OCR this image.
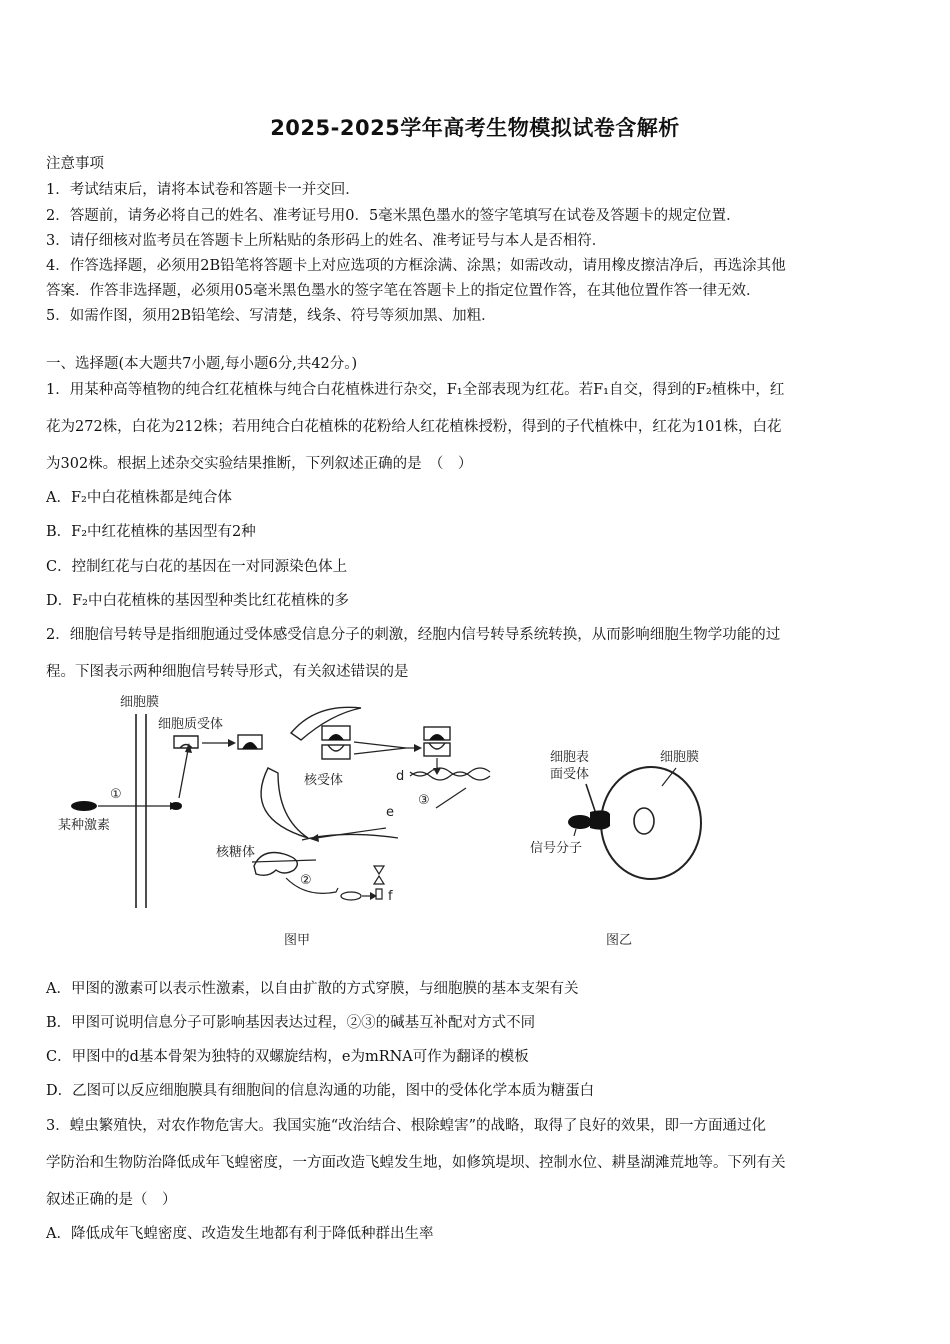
2025-2025学年高考生物模拟试卷含解析
注意事项
1．考试结束后，请将本试卷和答题卡一并交回．
2．答题前，请务必将自己的姓名、准考证号用0．5毫米黑色墨水的签字笔填写在试卷及答题卡的规定位置．
3．请仔细核对监考员在答题卡上所粘贴的条形码上的姓名、准考证号与本人是否相符．
4．作答选择题，必须用2B铅笔将答题卡上对应选项的方框涂满、涂黑；如需改动，请用橡皮擦洁净后，再选涂其他
答案．作答非选择题，必须用05毫米黑色墨水的签字笔在答题卡上的指定位置作答，在其他位置作答一律无效．
5．如需作图，须用2B铅笔绘、写清楚，线条、符号等须加黑、加粗．
一、选择题(本大题共7小题,每小题6分,共42分。)
1．用某种高等植物的纯合红花植株与纯合白花植株进行杂交，F₁全部表现为红花。若F₁自交，得到的F₂植株中，红
花为272株，白花为212株；若用纯合白花植株的花粉给人红花植株授粉，得到的子代植株中，红花为101株，白花
为302株。根据上述杂交实验结果推断，下列叙述正确的是　（　）
A．F₂中白花植株都是纯合体
B．F₂中红花植株的基因型有2种
C．控制红花与白花的基因在一对同源染色体上
D．F₂中白花植株的基因型种类比红花植株的多
2．细胞信号转导是指细胞通过受体感受信息分子的刺激，经胞内信号转导系统转换，从而影响细胞生物学功能的过
程。下图表示两种细胞信号转导形式，有关叙述错误的是
细胞膜
某种激素
①
细胞质受体
核受体	d
③
e
核糖体
②
f
图甲
细胞表
面受体
细胞膜
信号分子
图乙
A．甲图的激素可以表示性激素，以自由扩散的方式穿膜，与细胞膜的基本支架有关
B．甲图可说明信息分子可影响基因表达过程，②③的碱基互补配对方式不同
C．甲图中的d基本骨架为独特的双螺旋结构，e为mRNA可作为翻译的模板
D．乙图可以反应细胞膜具有细胞间的信息沟通的功能，图中的受体化学本质为糖蛋白
3．蝗虫繁殖快，对农作物危害大。我国实施“改治结合、根除蝗害”的战略，取得了良好的效果，即一方面通过化
学防治和生物防治降低成年飞蝗密度，一方面改造飞蝗发生地，如修筑堤坝、控制水位、耕垦湖滩荒地等。下列有关
叙述正确的是（　）
A．降低成年飞蝗密度、改造发生地都有利于降低种群出生率
